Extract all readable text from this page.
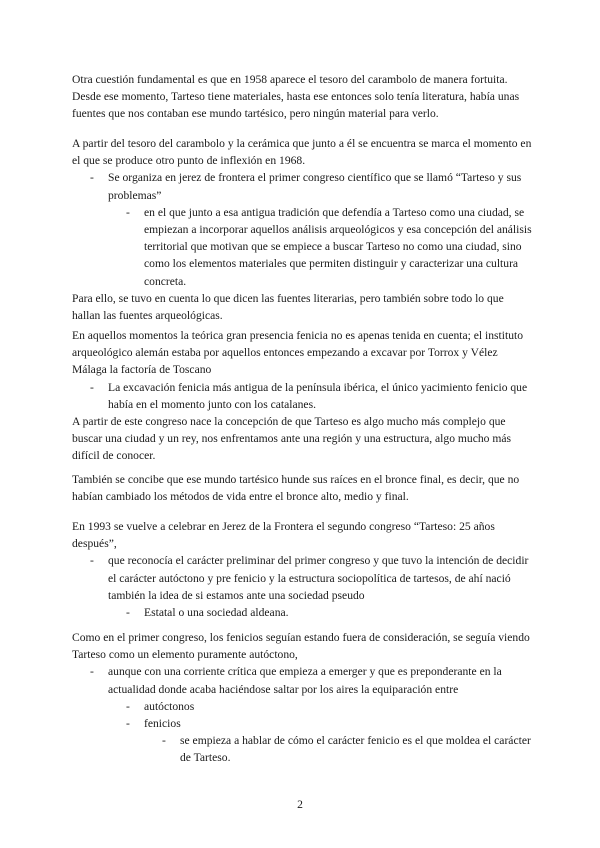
Otra cuestión fundamental es que en 1958 aparece el tesoro del carambolo de manera fortuita. Desde ese momento, Tarteso tiene materiales, hasta ese entonces solo tenía literatura, había unas fuentes que nos contaban ese mundo tartésico, pero ningún material para verlo.

A partir del tesoro del carambolo y la cerámica que junto a él se encuentra se marca el momento en el que se produce otro punto de inflexión en 1968.

- Se organiza en jerez de frontera el primer congreso científico que se llamó “Tarteso y sus problemas”
- en el que junto a esa antigua tradición que defendía a Tarteso como una ciudad, se empiezan a incorporar aquellos análisis arqueológicos y esa concepción del análisis territorial que motivan que se empiece a buscar Tarteso no como una ciudad, sino como los elementos materiales que permiten distinguir y caracterizar una cultura concreta.

Para ello, se tuvo en cuenta lo que dicen las fuentes literarias, pero también sobre todo lo que hallan las fuentes arqueológicas.

En aquellos momentos la teórica gran presencia fenicia no es apenas tenida en cuenta; el instituto arqueológico alemán estaba por aquellos entonces empezando a excavar por Torrox y Vélez Málaga la factoría de Toscano

- La excavación fenicia más antigua de la península ibérica, el único yacimiento fenicio que había en el momento junto con los catalanes.

A partir de este congreso nace la concepción de que Tarteso es algo mucho más complejo que buscar una ciudad y un rey, nos enfrentamos ante una región y una estructura, algo mucho más difícil de conocer.

También se concibe que ese mundo tartésico hunde sus raíces en el bronce final, es decir, que no habían cambiado los métodos de vida entre el bronce alto, medio y final.

En 1993 se vuelve a celebrar en Jerez de la Frontera el segundo congreso “Tarteso: 25 años después”,

- que reconocía el carácter preliminar del primer congreso y que tuvo la intención de decidir el carácter autóctono y pre fenicio y la estructura sociopolítica de tartesos, de ahí nació también la idea de si estamos ante una sociedad pseudo
- Estatal o una sociedad aldeana.

Como en el primer congreso, los fenicios seguían estando fuera de consideración, se seguía viendo Tarteso como un elemento puramente autóctono,

- aunque con una corriente crítica que empieza a emerger y que es preponderante en la actualidad donde acaba haciéndose saltar por los aires la equiparación entre
- autóctonos
- fenicios
- se empieza a hablar de cómo el carácter fenicio es el que moldea el carácter de Tarteso.
2
